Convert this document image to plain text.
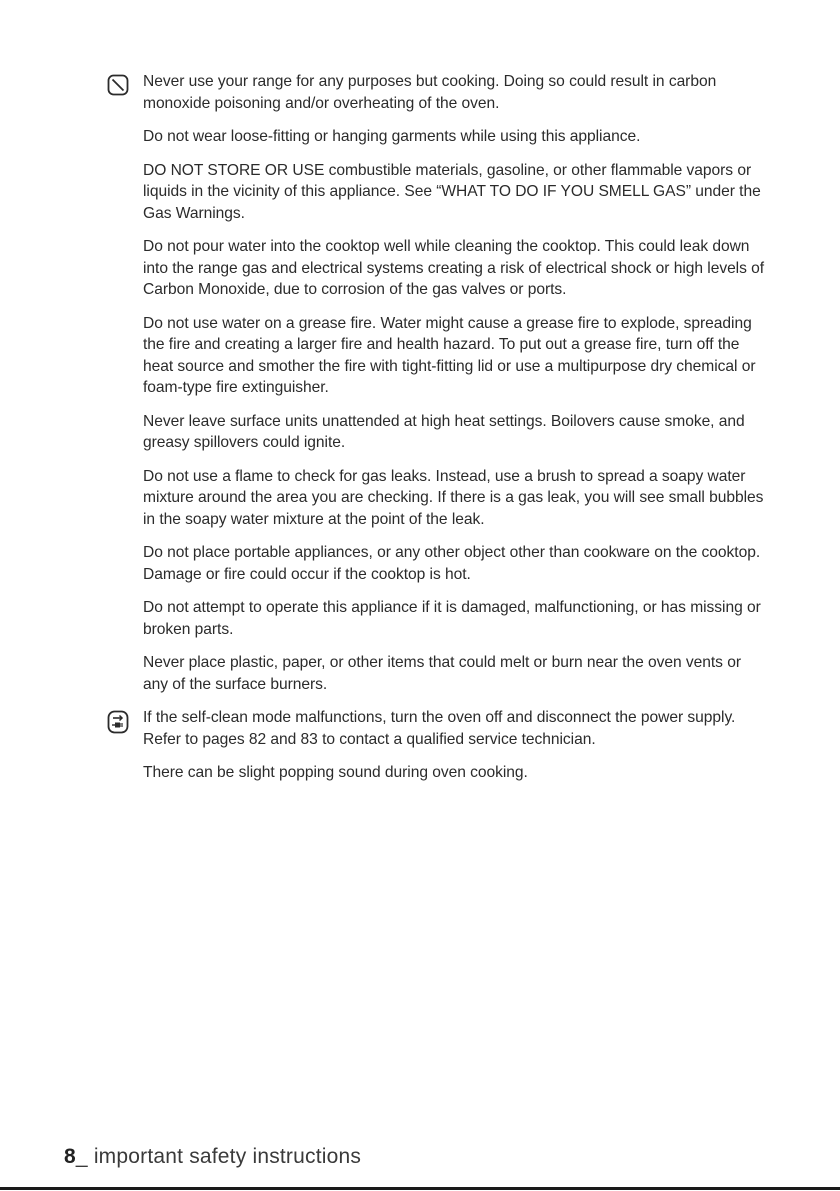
Never use your range for any purposes but cooking. Doing so could result in carbon monoxide poisoning and/or overheating of the oven.

Do not wear loose-fitting or hanging garments while using this appliance.

DO NOT STORE OR USE combustible materials, gasoline, or other flammable vapors or liquids in the vicinity of this appliance. See “WHAT TO DO IF YOU SMELL GAS” under the Gas Warnings.

Do not pour water into the cooktop well while cleaning the cooktop. This could leak down into the range gas and electrical systems creating a risk of electrical shock or high levels of Carbon Monoxide, due to corrosion of the gas valves or ports.

Do not use water on a grease fire. Water might cause a grease fire to explode, spreading the fire and creating a larger fire and health hazard. To put out a grease fire, turn off the heat source and smother the fire with tight-fitting lid or use a multipurpose dry chemical or foam-type fire extinguisher.

Never leave surface units unattended at high heat settings. Boilovers cause smoke, and greasy spillovers could ignite.

Do not use a flame to check for gas leaks. Instead, use a brush to spread a soapy water mixture around the area you are checking. If there is a gas leak, you will see small bubbles in the soapy water mixture at the point of the leak.

Do not place portable appliances, or any other object other than cookware on the cooktop. Damage or fire could occur if the cooktop is hot.

Do not attempt to operate this appliance if it is damaged, malfunctioning, or has missing or broken parts.

Never place plastic, paper, or other items that could melt or burn near the oven vents or any of the surface burners.

If the self-clean mode malfunctions, turn the oven off and disconnect the power supply. Refer to pages 82 and 83 to contact a qualified service technician.

There can be slight popping sound during oven cooking.

8_ important safety instructions
